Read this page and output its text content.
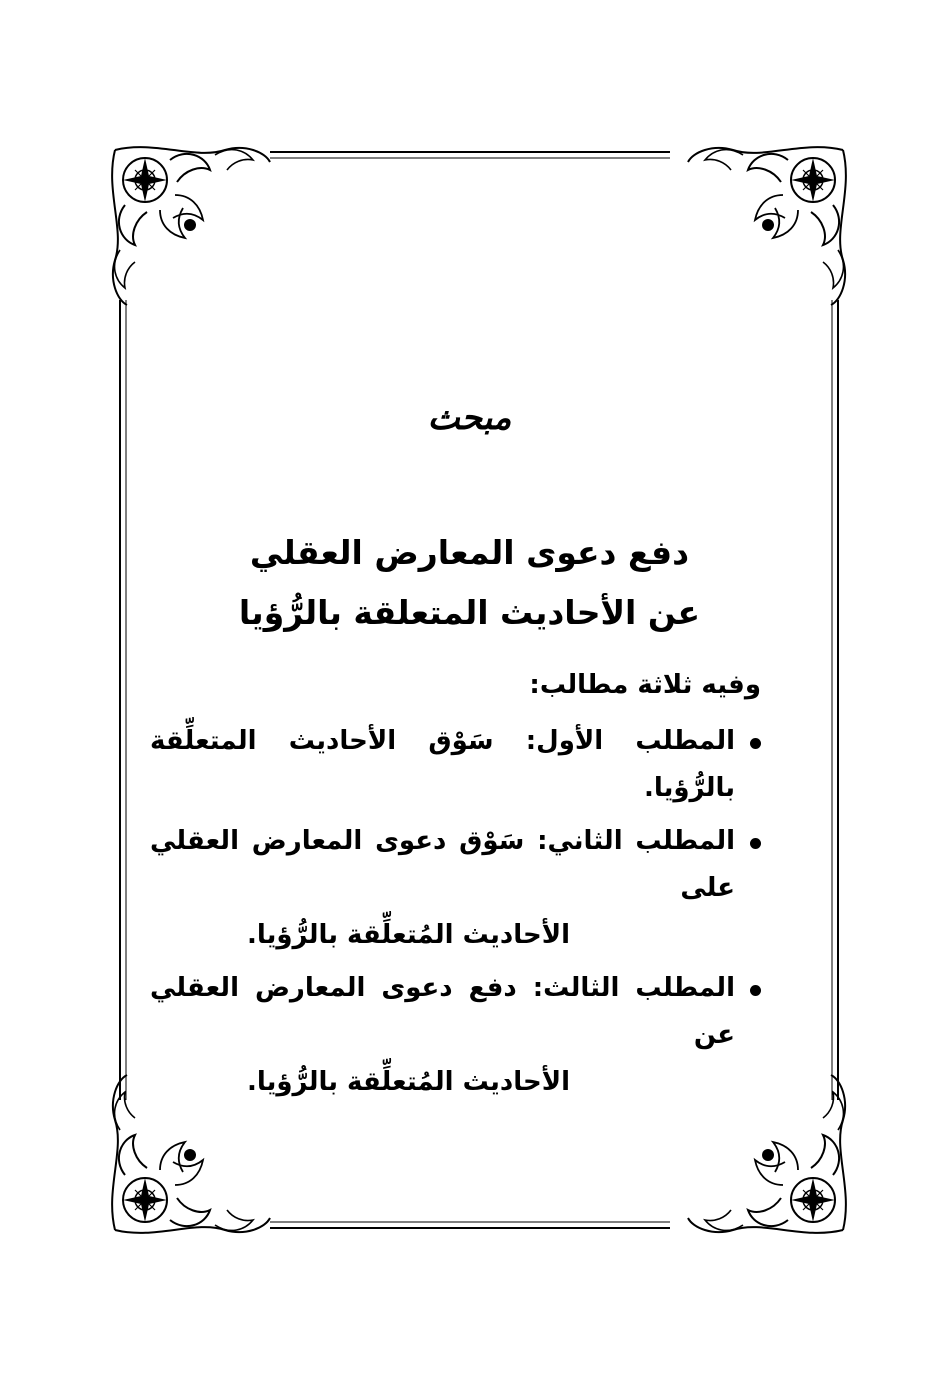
مبحث
دفع دعوى المعارض العقلي
عن الأحاديث المتعلقة بالرُّؤيا
وفيه ثلاثة مطالب:
المطلب الأول: سَوْق الأحاديث المتعلِّقة بالرُّؤيا.
المطلب الثاني: سَوْق دعوى المعارض العقلي على
الأحاديث المُتعلِّقة بالرُّؤيا.
المطلب الثالث: دفع دعوى المعارض العقلي عن
الأحاديث المُتعلِّقة بالرُّؤيا.
